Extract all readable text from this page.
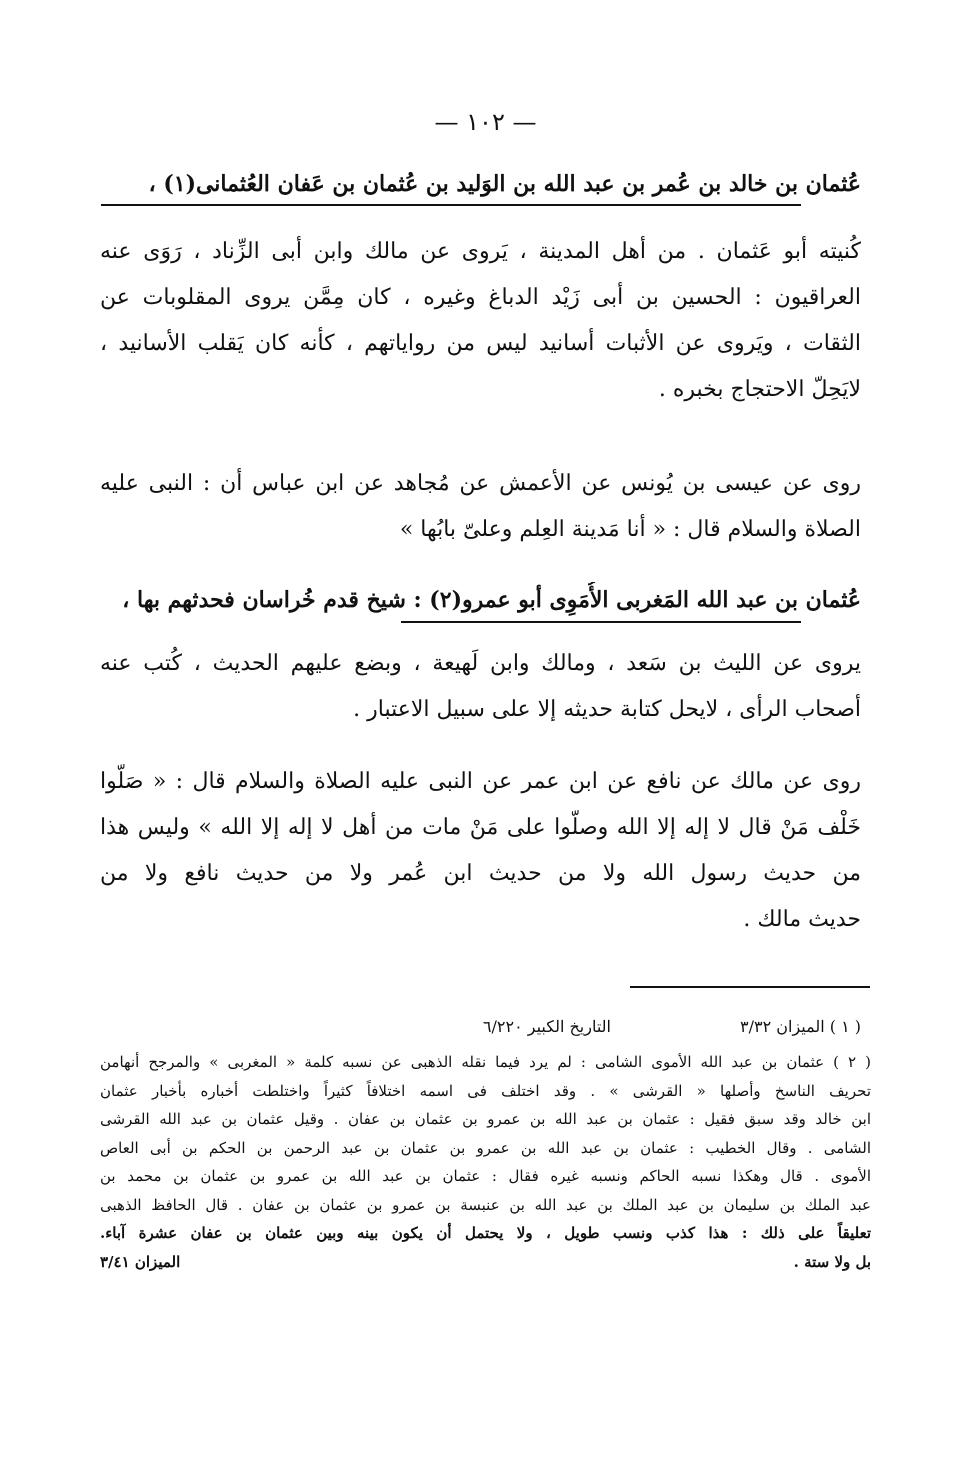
— ١٠٢ —
عُثمان بن خالد بن عُمر بن عبد الله بن الوَليد بن عُثمان بن عَفان العُثمانى(١) ،
كُنيته أبو عَثمان . من أهل المدينة ، يَروى عن مالك وابن أبى الزِّناد ، رَوَى عنه
العراقيون : الحسين بن أبى زَيْد الدباغ وغيره ، كان مِمَّن يروى المقلوبات عن
الثقات ، ويَروى عن الأثبات أسانيد ليس من رواياتهم ، كأنه كان يَقلب الأسانيد ،
لايَحِلّ الاحتجاج بخبره .
روى عن عيسى بن يُونس عن الأعمش عن مُجاهد عن ابن عباس أن : النبى عليه
الصلاة والسلام قال : « أنا مَدينة العِلم وعلىّ بابُها »
عُثمان بن عبد الله المَغربى الأُمَوِى أبو عمرو(٢) : شيخ قدم خُراسان فحدثهم بها ،
يروى عن الليث بن سَعد ، ومالك وابن لَهيعة ، وبضع عليهم الحديث ، كُتب عنه
أصحاب الرأى ، لايحل كتابة حديثه إلا على سبيل الاعتبار .
روى عن مالك عن نافع عن ابن عمر عن النبى عليه الصلاة والسلام قال : « صَلُّوا
خَلْف مَنْ قال لا إله إلا الله وصلُّوا على مَنْ مات من أهل لا إله إلا الله » وليس هذا
من حديث رسول الله ولا من حديث ابن عُمر ولا من حديث نافع ولا من
حديث مالك .
( ١ ) الميزان ٣/٣٢
التاريخ الكبير ٦/٢٢٠
( ٢ ) عثمان بن عبد الله الأموى الشامى : لم يرد فيما نقله الذهبى عن نسبه كلمة « المغربى » والمرجح أنهامن
تحريف الناسخ وأصلها « القرشى » . وقد اختلف فى اسمه اختلافاً كثيراً واختلطت أخباره بأخبار عثمان
ابن خالد وقد سبق فقيل : عثمان بن عبد الله بن عمرو بن عثمان بن عفان . وقيل عثمان بن عبد الله القرشى
الشامى . وقال الخطيب : عثمان بن عبد الله بن عمرو بن عثمان بن عبد الرحمن بن الحكم بن أبى العاص
الأموى . قال وهكذا نسبه الحاكم ونسبه غيره فقال : عثمان بن عبد الله بن عمرو بن عثمان بن محمد بن
عبد الملك بن سليمان بن عبد الملك بن عبد الله بن عنبسة بن عمرو بن عثمان بن عفان . قال الحافظ الذهبى
تعليقاً على ذلك : هذا كذب ونسب طويل ، ولا يحتمل أن يكون بينه وبين عثمان بن عفان عشرة آباء.
بل ولا ستة .
الميزان ٣/٤١
